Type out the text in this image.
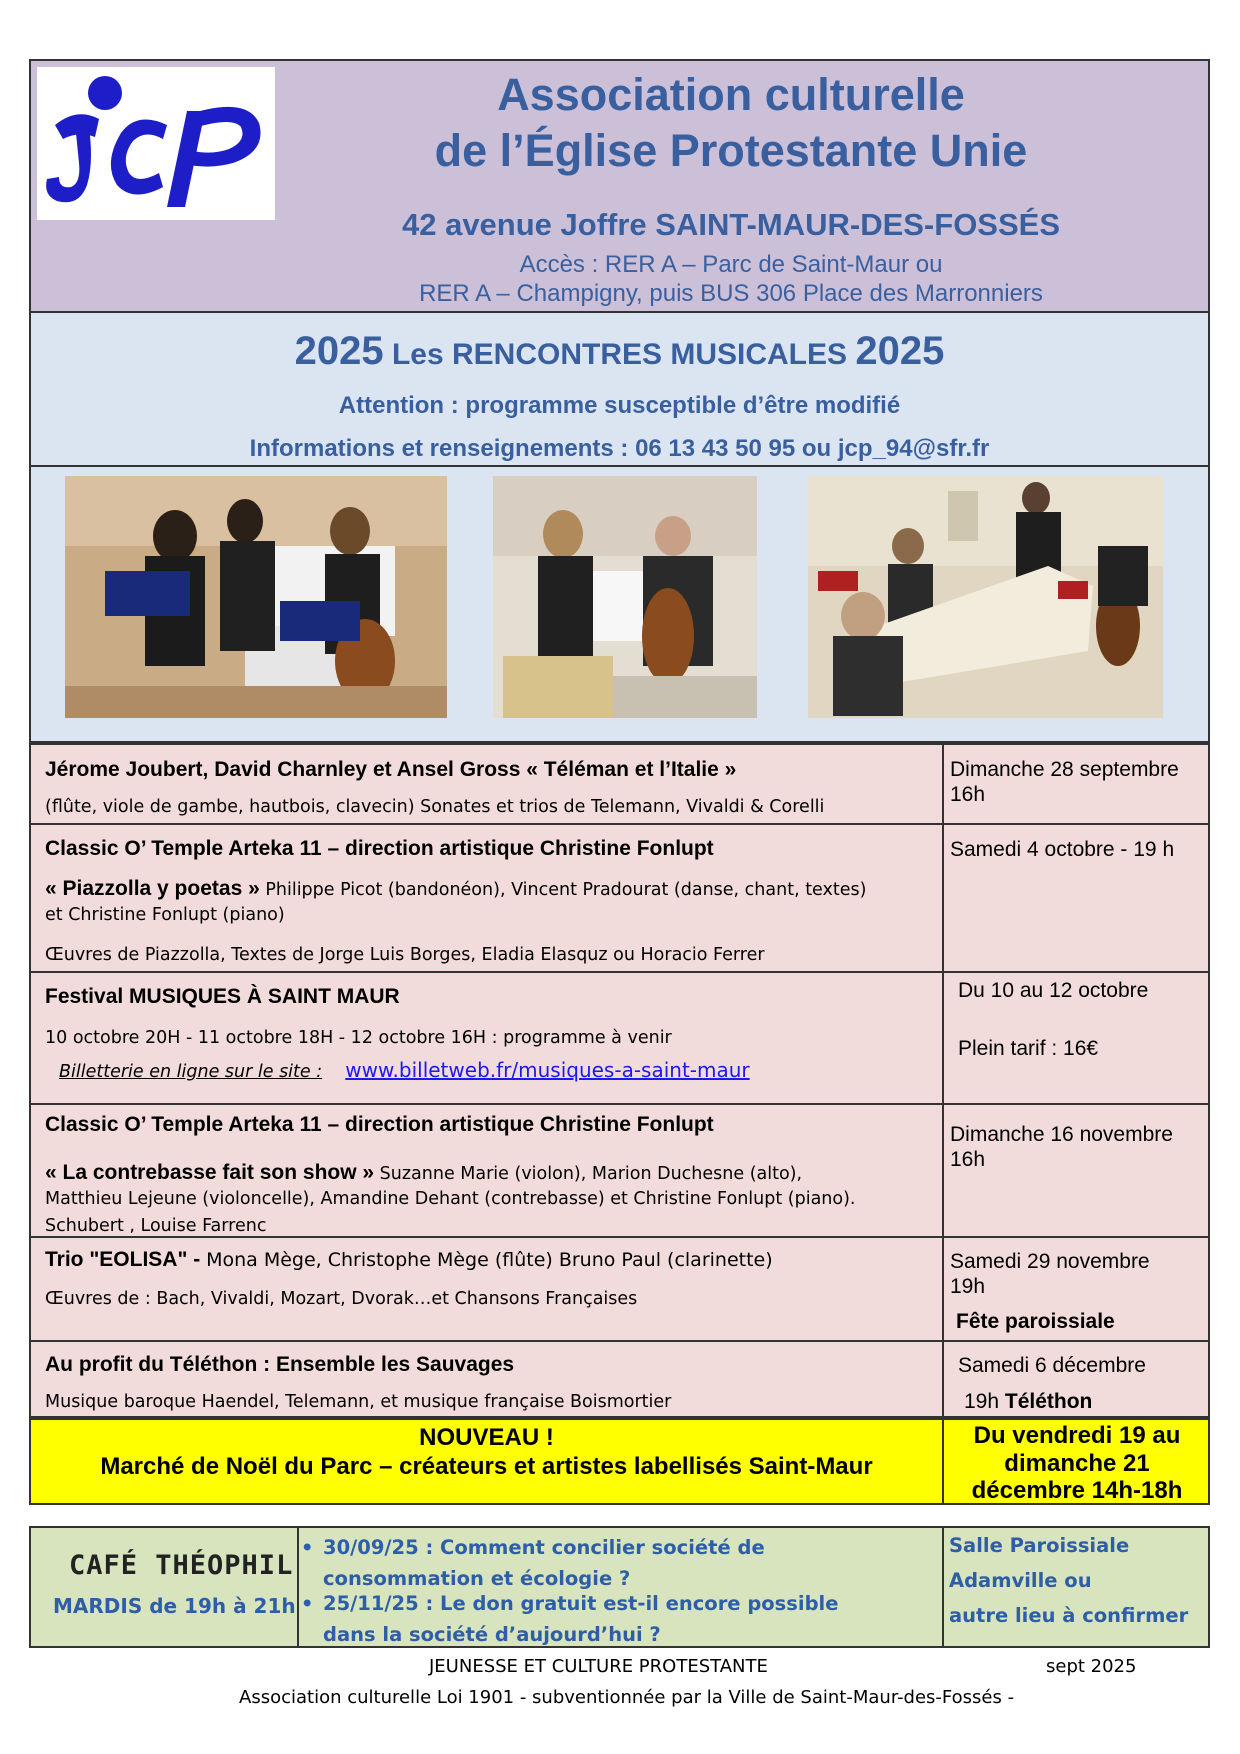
Association culturelle
de l’Église Protestante Unie
42 avenue Joffre SAINT-MAUR-DES-FOSSÉS
Accès : RER A – Parc de Saint-Maur ou
RER A – Champigny, puis BUS 306 Place des Marronniers
2025 Les RENCONTRES MUSICALES 2025
Attention : programme susceptible d’être modifié
Informations et renseignements : 06 13 43 50 95 ou jcp_94@sfr.fr
Jérome Joubert, David Charnley et Ansel Gross « Téléman et l’Italie »
(flûte, viole de gambe, hautbois, clavecin) Sonates et trios de Telemann, Vivaldi & Corelli
Dimanche 28 septembre
16h
Classic O’ Temple Arteka 11 – direction artistique Christine Fonlupt
« Piazzolla y poetas » Philippe Picot (bandonéon), Vincent Pradourat (danse, chant, textes)
et Christine Fonlupt (piano)
Œuvres de Piazzolla, Textes de Jorge Luis Borges, Eladia Elasquz ou Horacio Ferrer
Samedi 4 octobre - 19 h
Festival MUSIQUES À SAINT MAUR
10 octobre 20H - 11 octobre 18H - 12 octobre 16H : programme à venir
Billetterie en ligne sur le site : www.billetweb.fr/musiques-a-saint-maur
Du 10 au 12 octobre
Plein tarif : 16€
Classic O’ Temple Arteka 11 – direction artistique Christine Fonlupt
« La contrebasse fait son show » Suzanne Marie (violon), Marion Duchesne (alto),
Matthieu Lejeune (violoncelle), Amandine Dehant (contrebasse) et Christine Fonlupt (piano).
Schubert , Louise Farrenc
Dimanche 16 novembre
16h
Trio "EOLISA" - Mona Mège, Christophe Mège (flûte) Bruno Paul (clarinette)
Œuvres de : Bach, Vivaldi, Mozart, Dvorak…et Chansons Françaises
Samedi 29 novembre
19h
Fête paroissiale
Au profit du Téléthon : Ensemble les Sauvages
Musique baroque Haendel, Telemann, et musique française Boismortier
Samedi 6 décembre
19h Téléthon
NOUVEAU !
Marché de Noël du Parc – créateurs et artistes labellisés Saint-Maur
Du vendredi 19 au
dimanche 21
décembre 14h-18h
CAFÉ THÉOPHIL
MARDIS de 19h à 21h
• 30/09/25 : Comment concilier société de
consommation et écologie ?
• 25/11/25 : Le don gratuit est-il encore possible
dans la société d’aujourd’hui ?
Salle Paroissiale
Adamville ou
autre lieu à confirmer
JEUNESSE ET CULTURE PROTESTANTE	sept 2025
Association culturelle Loi 1901 - subventionnée par la Ville de Saint-Maur-des-Fossés -
